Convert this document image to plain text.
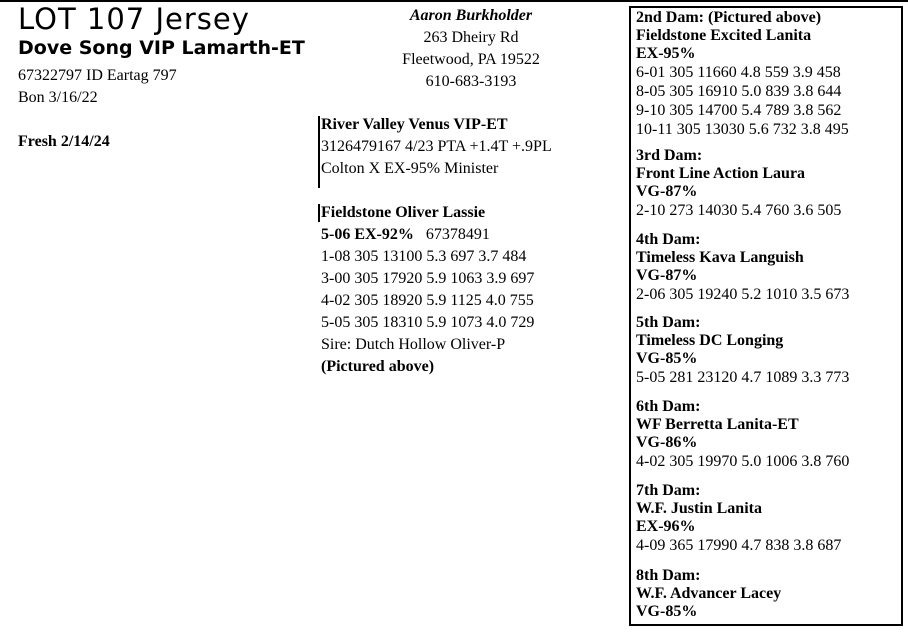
LOT 107 Jersey
Dove Song VIP Lamarth-ET
67322797 ID Eartag 797
Bon 3/16/22
Fresh 2/14/24
Aaron Burkholder
263 Dheiry Rd
Fleetwood, PA 19522
610-683-3193
River Valley Venus VIP-ET
3126479167 4/23 PTA +1.4T +.9PL
Colton X EX-95% Minister
Fieldstone Oliver Lassie
5-06 EX-92% 67378491
1-08 305 13100 5.3 697 3.7 484
3-00 305 17920 5.9 1063 3.9 697
4-02 305 18920 5.9 1125 4.0 755
5-05 305 18310 5.9 1073 4.0 729
Sire: Dutch Hollow Oliver-P
(Pictured above)
2nd Dam: (Pictured above)
Fieldstone Excited Lanita
EX-95%
6-01 305 11660 4.8 559 3.9 458
8-05 305 16910 5.0 839 3.8 644
9-10 305 14700 5.4 789 3.8 562
10-11 305 13030 5.6 732 3.8 495
3rd Dam:
Front Line Action Laura
VG-87%
2-10 273 14030 5.4 760 3.6 505
4th Dam:
Timeless Kava Languish
VG-87%
2-06 305 19240 5.2 1010 3.5 673
5th Dam:
Timeless DC Longing
VG-85%
5-05 281 23120 4.7 1089 3.3 773
6th Dam:
WF Berretta Lanita-ET
VG-86%
4-02 305 19970 5.0 1006 3.8 760
7th Dam:
W.F. Justin Lanita
EX-96%
4-09 365 17990 4.7 838 3.8 687
8th Dam:
W.F. Advancer Lacey
VG-85%
